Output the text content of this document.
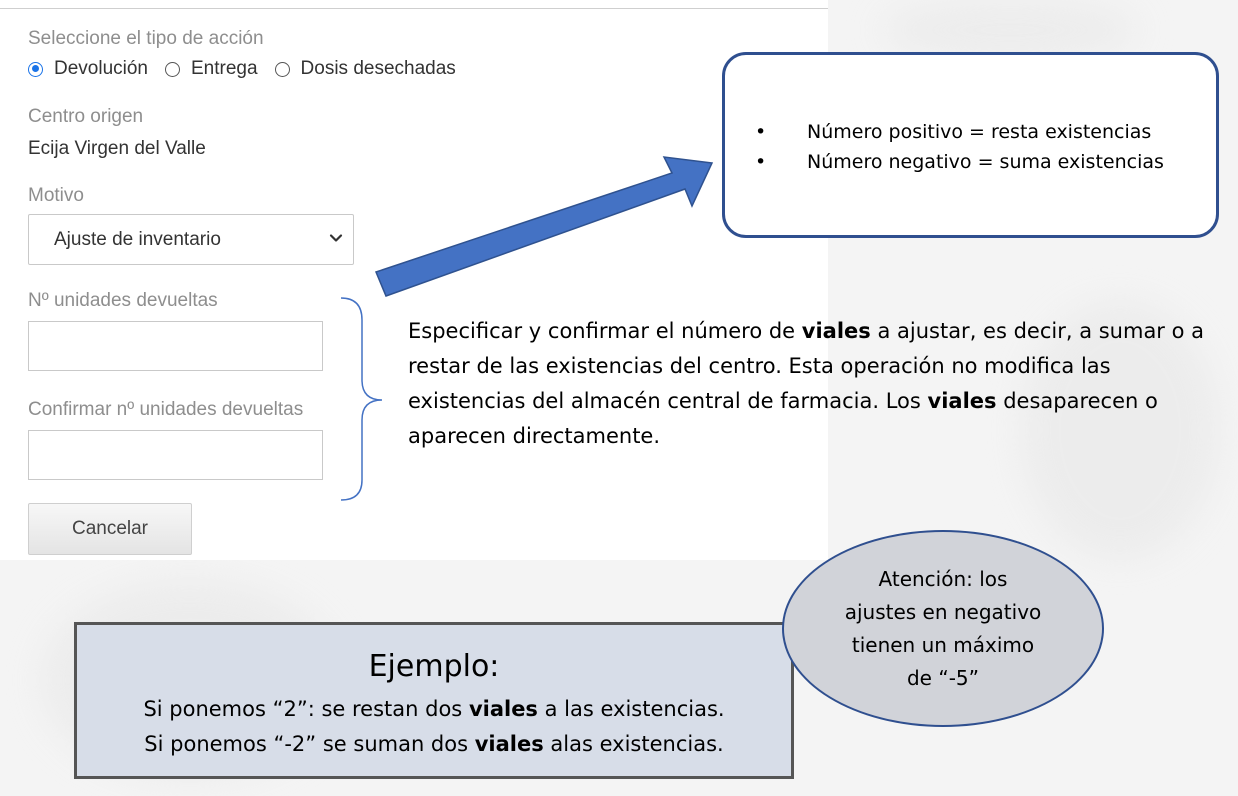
Seleccione el tipo de acción
Devolución Entrega Dosis desechadas
Centro origen
Ecija Virgen del Valle
Motivo
Ajuste de inventario
Nº unidades devueltas
Confirmar nº unidades devueltas
Cancelar
•	Número positivo = resta existencias
•	Número negativo = suma existencias
Especificar y confirmar el número de viales a ajustar, es decir, a sumar o a restar de las existencias del centro. Esta operación no modifica las existencias del almacén central de farmacia. Los viales desaparecen o aparecen directamente.
Ejemplo:
Si ponemos “2”: se restan dos viales a las existencias.
Si ponemos “-2” se suman dos viales alas existencias.
Atención: los ajustes en negativo tienen un máximo de “-5”
